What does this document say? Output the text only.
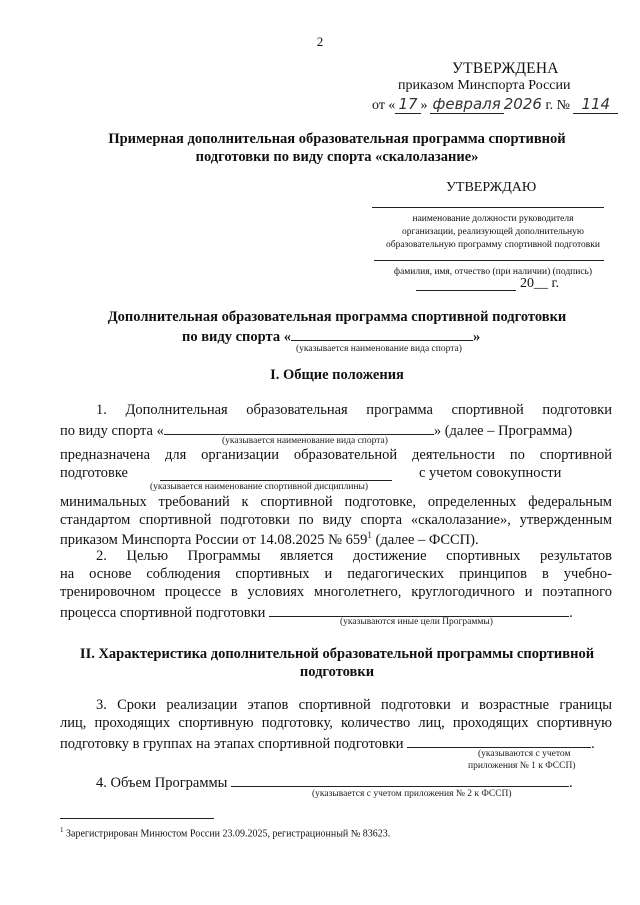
2
УТВЕРЖДЕНА
приказом Минспорта России
от « 17 » февраля 2026 г. № 114
Примерная дополнительная образовательная программа спортивной
подготовки по виду спорта «скалолазание»
УТВЕРЖДАЮ
наименование должности руководителя
организации, реализующей дополнительную
образовательную программу спортивной подготовки
фамилия, имя, отчество (при наличии) (подпись)
20__ г.
Дополнительная образовательная программа спортивной подготовки
по виду спорта «	»
(указывается наименование вида спорта)
I. Общие положения
1. Дополнительная образовательная программа спортивной подготовки
по виду спорта «	» (далее – Программа)
(указывается наименование вида спорта)
предназначена для организации образовательной деятельности по спортивной
подготовке	с учетом совокупности
(указывается наименование спортивной дисциплины)
минимальных требований к спортивной подготовке, определенных федеральным
стандартом спортивной подготовки по виду спорта «скалолазание», утвержденным
приказом Минспорта России от 14.08.2025 № $659^1$ (далее – ФССП).
2. Целью Программы является достижение спортивных результатов
на основе соблюдения спортивных и педагогических принципов в учебно-
тренировочном процессе в условиях многолетнего, круглогодичного и поэтапного
процесса спортивной подготовки	.
(указываются иные цели Программы)
II. Характеристика дополнительной образовательной программы спортивной
подготовки
3. Сроки реализации этапов спортивной подготовки и возрастные границы
лиц, проходящих спортивную подготовку, количество лиц, проходящих спортивную
подготовку в группах на этапах спортивной подготовки	.
(указываются с учетом
приложения № 1 к ФССП)
4. Объем Программы	.
(указывается с учетом приложения № 2 к ФССП)
$^1$ Зарегистрирован Минюстом России 23.09.2025, регистрационный № 83623.
